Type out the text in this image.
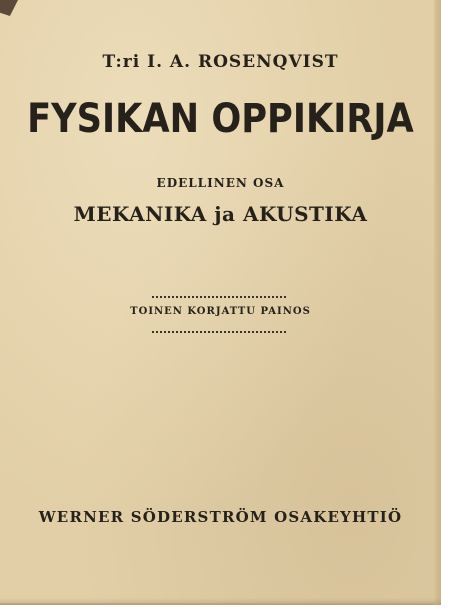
T:ri I. A. ROSENQVIST
FYSIKAN OPPIKIRJA
EDELLINEN OSA
MEKANIKA ja AKUSTIKA
TOINEN KORJATTU PAINOS
WERNER SÖDERSTRÖM OSAKEYHTIÖ
